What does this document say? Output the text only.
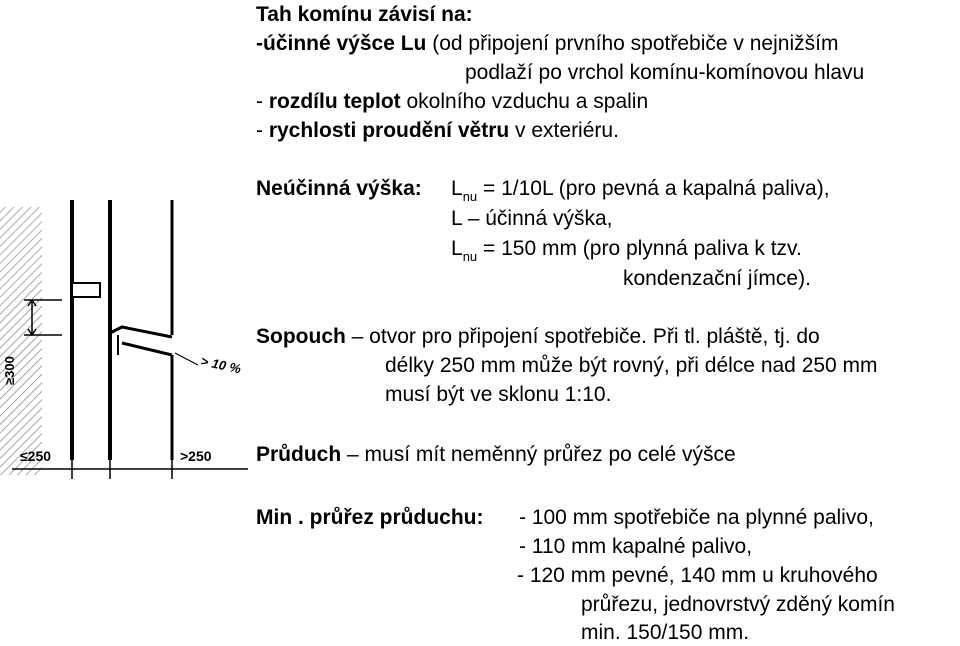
Tah komínu závisí na:
-účinné výšce Lu (od připojení prvního spotřebiče v nejnižším
podlaží po vrchol komínu-komínovou hlavu
- rozdílu teplot okolního vzduchu a spalin
- rychlosti proudění větru v exteriéru.
Neúčinná výška: $L_{nu} = 1/10L$ (pro pevná a kapalná paliva),
L – účinná výška,
$L_{nu} = 150$ mm (pro plynná paliva k tzv.
kondenzační jímce).
Sopouch – otvor pro připojení spotřebiče. Při tl. pláště, tj. do
délky 250 mm může být rovný, při délce nad 250 mm
musí být ve sklonu 1:10.
Průduch – musí mít neměnný průřez po celé výšce
Min . průřez průduchu: - 100 mm spotřebiče na plynné palivo,
- 110 mm kapalné palivo,
- 120 mm pevné, 140 mm u kruhového
průřezu, jednovrstvý zděný komín
min. 150/150 mm.
≥300	> 10 %
≤250	>250
